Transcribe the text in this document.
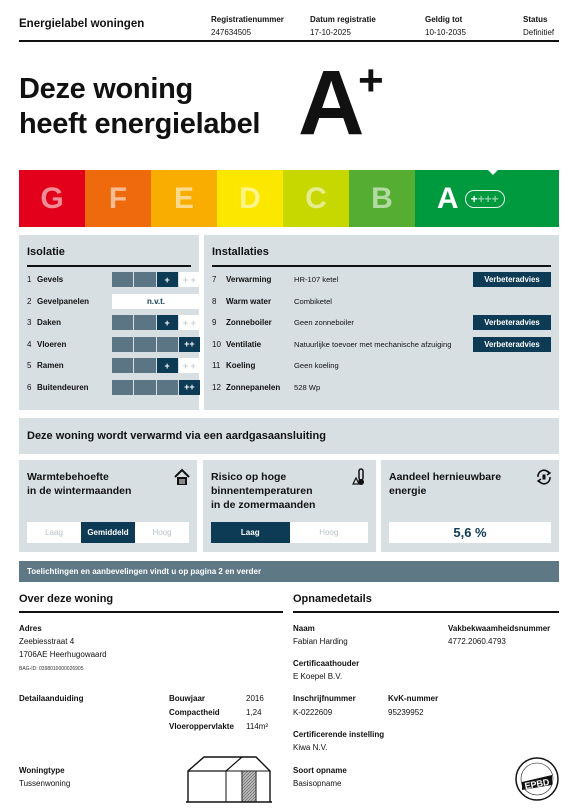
Energielabel woningen	Registratienummer
247634505
Datum registratie
17-10-2025
Geldig tot
10-10-2035
Status
Definitief
Deze woning
heeft energielabel A
+
G F E D C B A + +++
Isolatie
1 Gevels	+	+ +
2 Gevelpanelen	n.v.t.
3 Daken	+	+ +
4 Vloeren	++
5 Ramen	+	+ +
6 Buitendeuren	++
Installaties
7 Verwarming	HR-107 ketel	Verbeteradvies
8 Warm water	Combiketel
9 Zonneboiler	Geen zonneboiler	Verbeteradvies
10 Ventilatie	Natuurlijke toevoer met mechanische afzuiging	Verbeteradvies
11 Koeling	Geen koeling
12 Zonnepanelen 528 Wp
Deze woning wordt verwarmd via een aardgasaansluiting
Warmtebehoefte
in de wintermaanden
Laag	Gemiddeld	Hoog
Risico op hoge
binnentemperaturen
in de zomermaanden
Laag	Hoog
Aandeel hernieuwbare
energie
5,6 %
Toelichtingen en aanbevelingen vindt u op pagina 2 en verder
Over deze woning
Adres
Zeebiesstraat 4
1706AE Heerhugowaard
BAG-ID: 0398010000026905
Detailaanduiding	Bouwjaar	2016
Compactheid	1,24
Vloeroppervlakte 114m²
Woningtype
Tussenwoning
Opnamedetails
Naam
Fabian Harding
Vakbekwaamheidsnummer
4772.2060.4793
Certificaathouder
E Koepel B.V.
Inschrijfnummer
K-0222609
KvK-nummer
95239952
Certificerende instelling
Kiwa N.V.
Soort opname
Basisopname	EPBD
